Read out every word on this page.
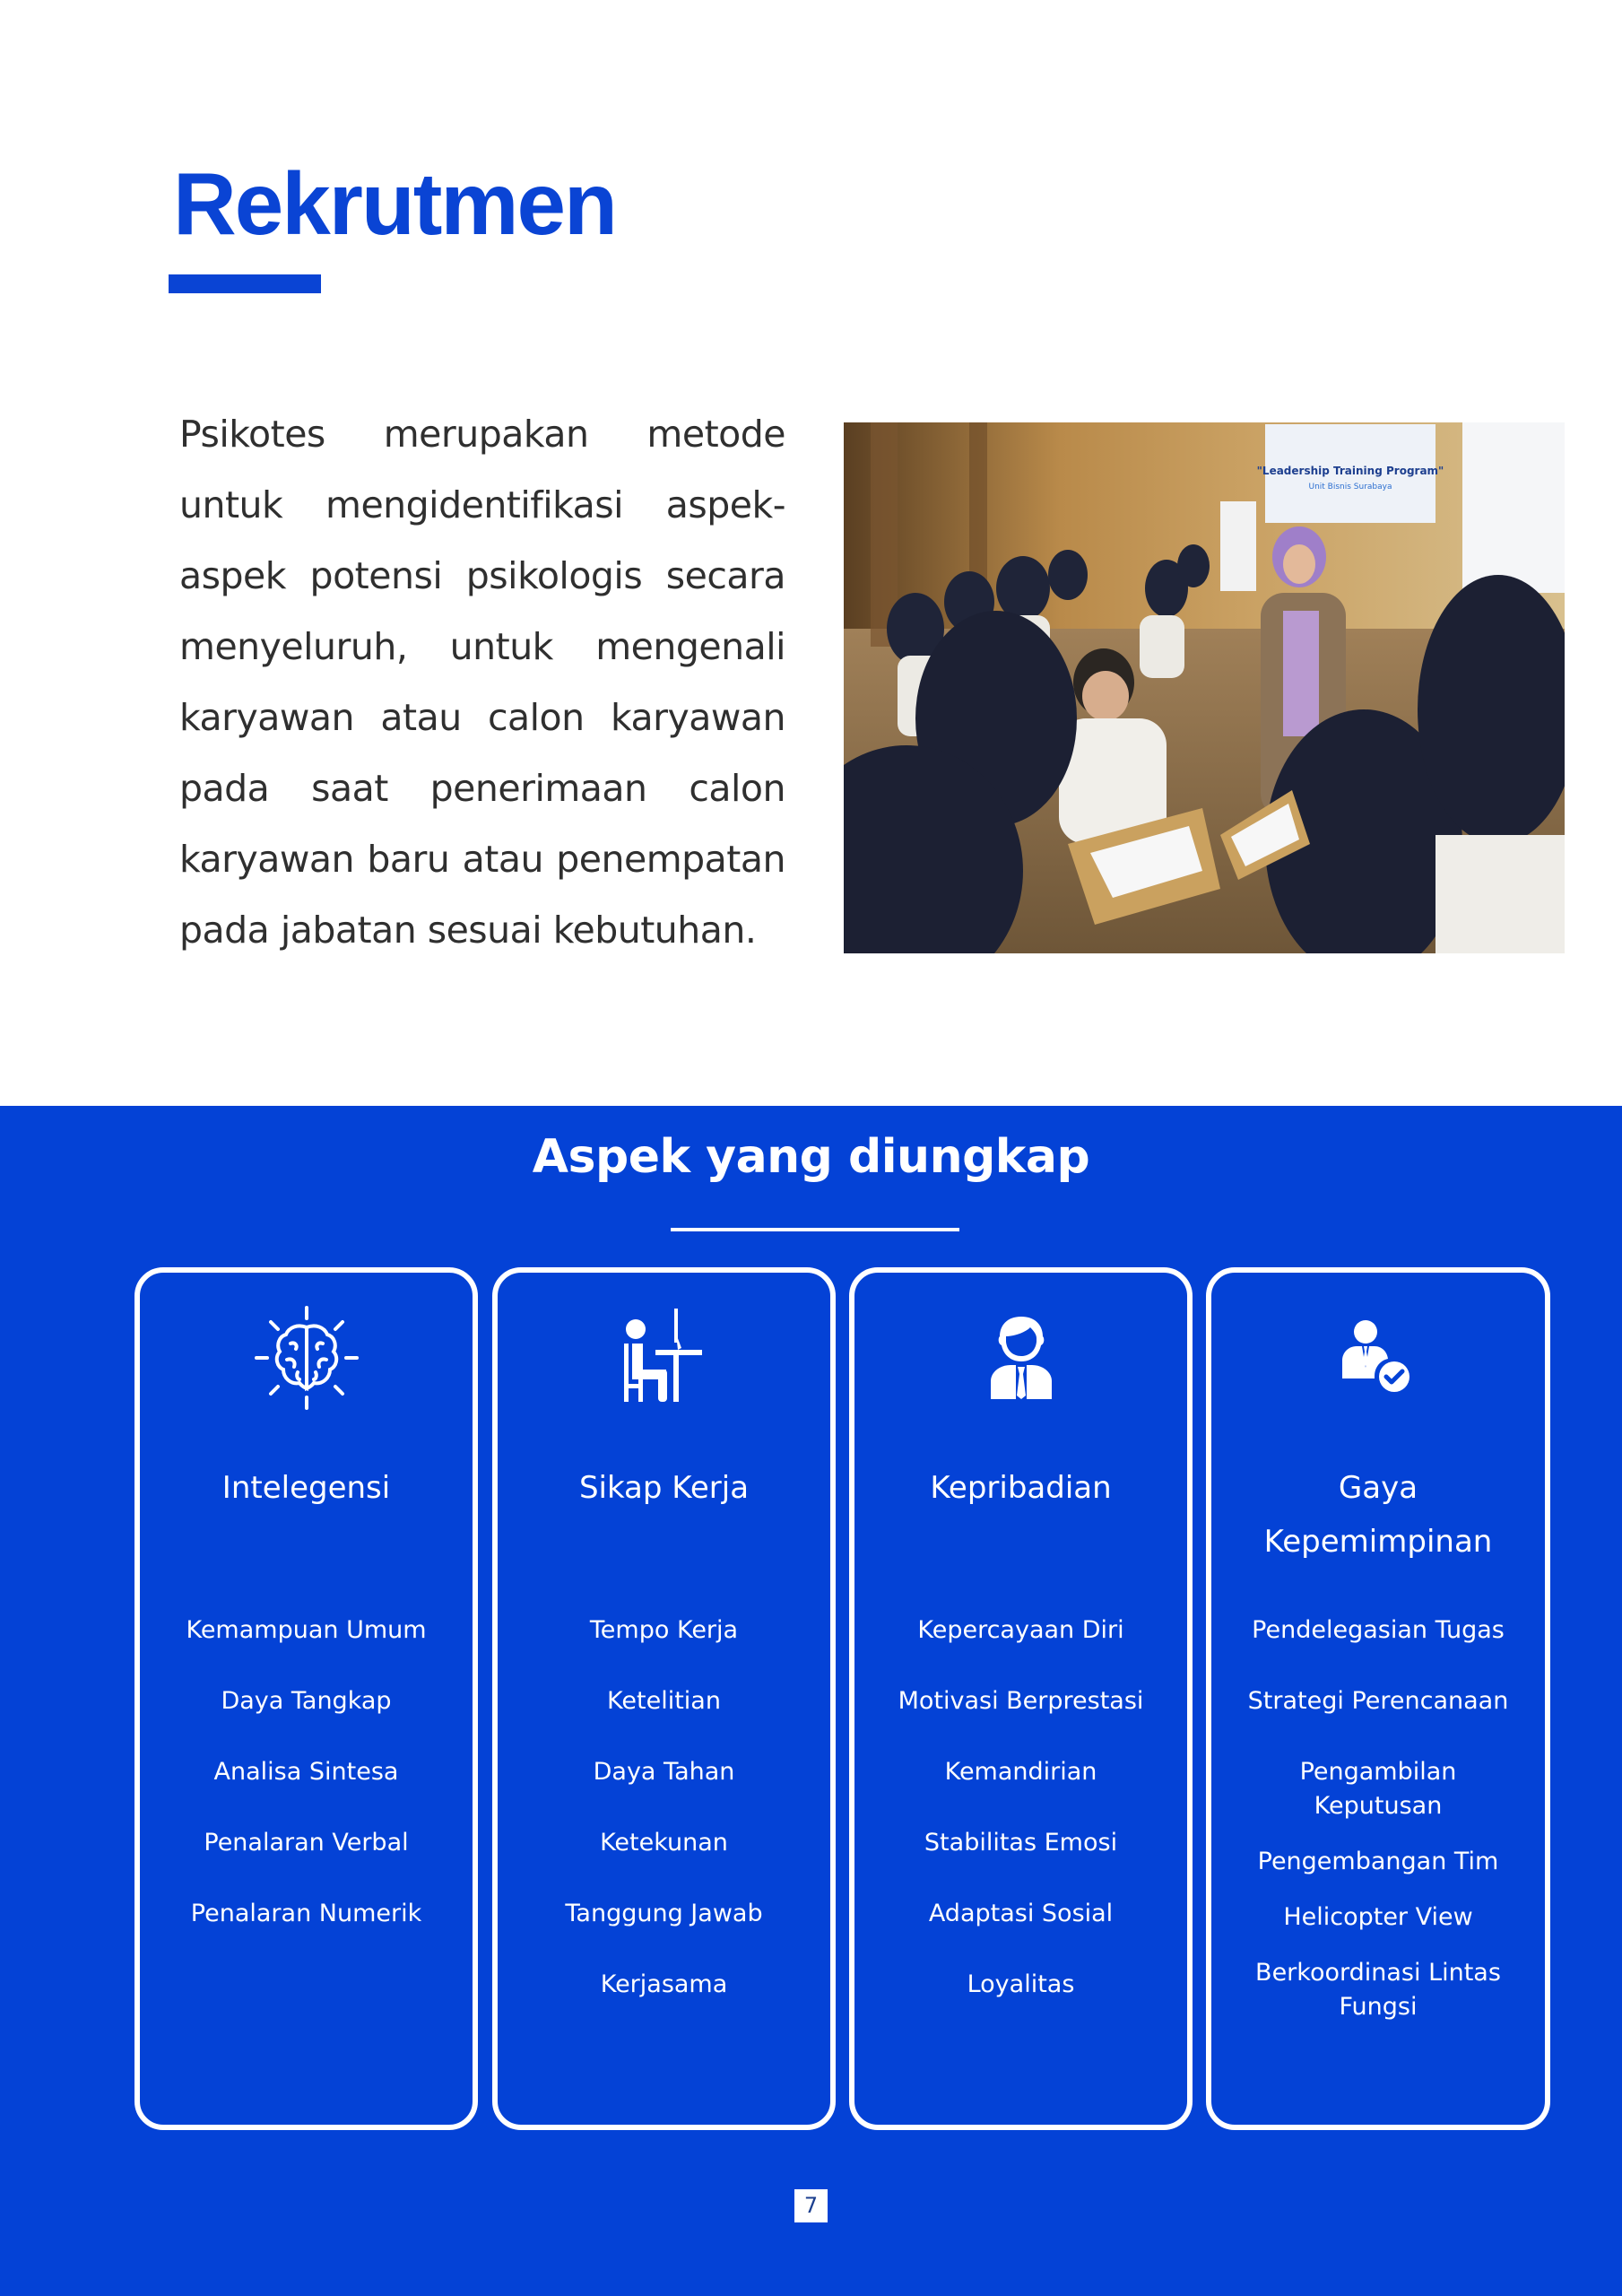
Rekrutmen

Psikotes merupakan metode untuk mengidentifikasi aspek-aspek potensi psikologis secara menyeluruh, untuk mengenali karyawan atau calon karyawan pada saat penerimaan calon karyawan baru atau penempatan pada jabatan sesuai kebutuhan.

"Leadership Training Program"
Unit Bisnis Surabaya
Aspek yang diungkap
Intelegensi
Kemampuan Umum
Daya Tangkap
Analisa Sintesa
Penalaran Verbal
Penalaran Numerik
Sikap Kerja
Tempo Kerja
Ketelitian
Daya Tahan
Ketekunan
Tanggung Jawab
Kerjasama
Kepribadian
Kepercayaan Diri
Motivasi Berprestasi
Kemandirian
Stabilitas Emosi
Adaptasi Sosial
Loyalitas
Gaya Kepemimpinan
Pendelegasian Tugas
Strategi Perencanaan
Pengambilan Keputusan
Pengembangan Tim
Helicopter View
Berkoordinasi Lintas Fungsi
7
